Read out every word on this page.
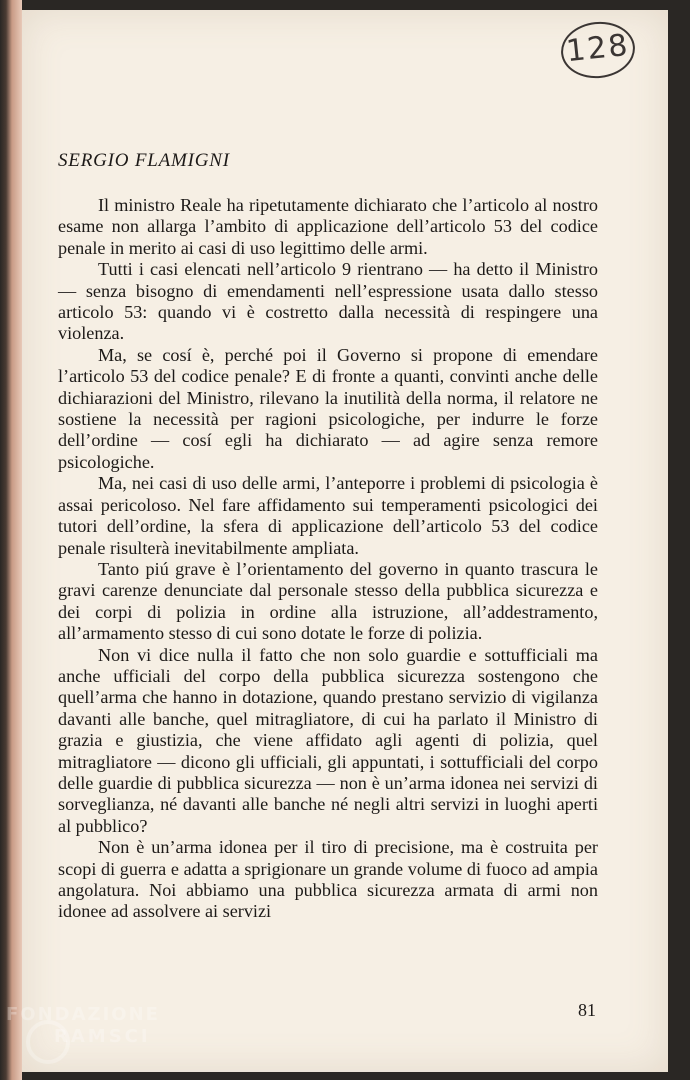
128
SERGIO FLAMIGNI

Il ministro Reale ha ripetutamente dichiarato che l’articolo al nostro esame non allarga l’ambito di applicazione dell’articolo 53 del codice penale in merito ai casi di uso legittimo delle armi.

Tutti i casi elencati nell’articolo 9 rientrano — ha detto il Ministro — senza bisogno di emendamenti nell’espressione usata dallo stesso articolo 53: quando vi è costretto dalla necessità di respingere una violenza.

Ma, se cosí è, perché poi il Governo si propone di emendare l’articolo 53 del codice penale? E di fronte a quanti, convinti anche delle dichiarazioni del Ministro, rilevano la inutilità della norma, il relatore ne sostiene la necessità per ragioni psicologiche, per indurre le forze dell’ordine — cosí egli ha dichiarato — ad agire senza remore psicologiche.

Ma, nei casi di uso delle armi, l’anteporre i problemi di psicologia è assai pericoloso. Nel fare affidamento sui temperamenti psicologici dei tutori dell’ordine, la sfera di applicazione dell’articolo 53 del codice penale risulterà inevitabilmente ampliata.

Tanto piú grave è l’orientamento del governo in quanto trascura le gravi carenze denunciate dal personale stesso della pubblica sicurezza e dei corpi di polizia in ordine alla istruzione, all’addestramento, all’armamento stesso di cui sono dotate le forze di polizia.

Non vi dice nulla il fatto che non solo guardie e sottufficiali ma anche ufficiali del corpo della pubblica sicurezza sostengono che quell’arma che hanno in dotazione, quando prestano servizio di vigilanza davanti alle banche, quel mitragliatore, di cui ha parlato il Ministro di grazia e giustizia, che viene affidato agli agenti di polizia, quel mitragliatore — dicono gli ufficiali, gli appuntati, i sottufficiali del corpo delle guardie di pubblica sicurezza — non è un’arma idonea nei servizi di sorveglianza, né davanti alle banche né negli altri servizi in luoghi aperti al pubblico?

Non è un’arma idonea per il tiro di precisione, ma è costruita per scopi di guerra e adatta a sprigionare un grande volume di fuoco ad ampia angolatura. Noi abbiamo una pubblica sicurezza armata di armi non idonee ad assolvere ai servizi

81
FONDAZIONE
RAMSCI
